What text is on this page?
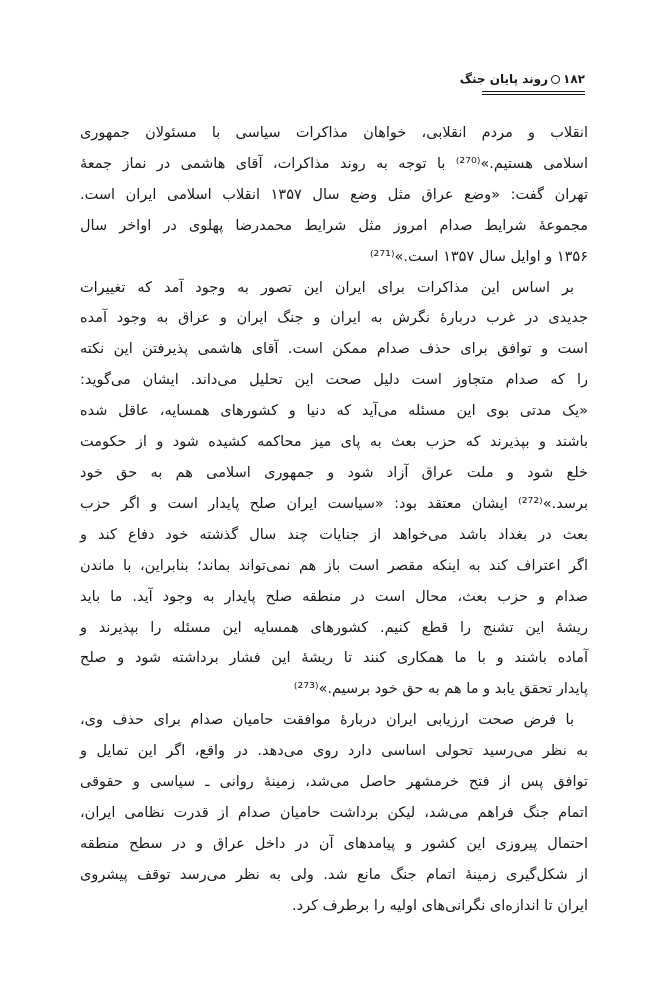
۱۸۲روند پایان جنگ
انقلاب و مردم انقلابی، خواهان مذاکرات سیاسی با مسئولان جمهوری
اسلامی هستیم.»⁽²⁷⁰⁾ با توجه به روند مذاکرات، آقای هاشمی در نماز جمعهٔ
تهران گفت: «وضع عراق مثل وضع سال ۱۳۵۷ انقلاب اسلامی ایران است.
مجموعهٔ شرایط صدام امروز مثل شرایط محمدرضا پهلوی در اواخر سال
۱۳۵۶ و اوایل سال ۱۳۵۷ است.»⁽²⁷¹⁾
بر اساس این مذاکرات برای ایران این تصور به وجود آمد که تغییرات
جدیدی در غرب دربارهٔ نگرش به ایران و جنگ ایران و عراق به وجود آمده
است و توافق برای حذف صدام ممکن است. آقای هاشمی پذیرفتن این نکته
را که صدام متجاوز است دلیل صحت این تحلیل می‌داند. ایشان می‌گوید:
«یک مدتی بوی این مسئله می‌آید که دنیا و کشورهای همسایه، عاقل شده
باشند و بپذیرند که حزب بعث به پای میز محاکمه کشیده شود و از حکومت
خلع شود و ملت عراق آزاد شود و جمهوری اسلامی هم به حق خود
برسد.»⁽²⁷²⁾ ایشان معتقد بود: «سیاست ایران صلح پایدار است و اگر حزب
بعث در بغداد باشد می‌خواهد از جنایات چند سال گذشته خود دفاع کند و
اگر اعتراف کند به اینکه مقصر است باز هم نمی‌تواند بماند؛ بنابراین، با ماندن
صدام و حزب بعث، محال است در منطقه صلح پایدار به وجود آید. ما باید
ریشهٔ این تشنج را قطع کنیم. کشورهای همسایه این مسئله را بپذیرند و
آماده باشند و با ما همکاری کنند تا ریشهٔ این فشار برداشته شود و صلح
پایدار تحقق یابد و ما هم به حق خود برسیم.»⁽²⁷³⁾
با فرض صحت ارزیابی ایران دربارهٔ موافقت حامیان صدام برای حذف وی،
به نظر می‌رسید تحولی اساسی دارد روی می‌دهد. در واقع، اگر این تمایل و
توافق پس از فتح خرمشهر حاصل می‌شد، زمینهٔ روانی ـ سیاسی و حقوقی
اتمام جنگ فراهم می‌شد، لیکن برداشت حامیان صدام از قدرت نظامی ایران،
احتمال پیروزی این کشور و پیامدهای آن در داخل عراق و در سطح منطقه
از شکل‌گیری زمینهٔ اتمام جنگ مانع شد. ولی به نظر می‌رسد توقف پیشروی
ایران تا اندازه‌ای نگرانی‌های اولیه را برطرف کرد.
